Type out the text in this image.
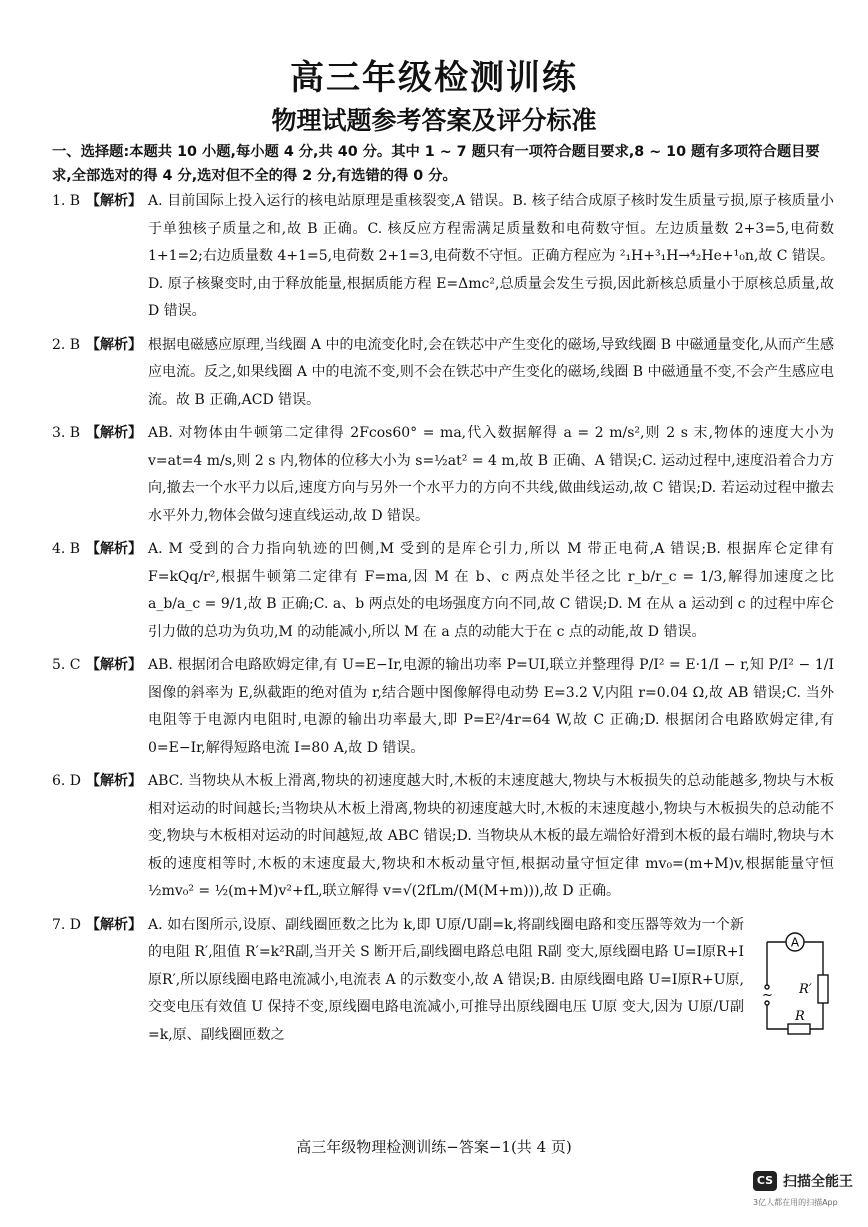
高三年级检测训练
物理试题参考答案及评分标准

一、选择题:本题共 10 小题,每小题 4 分,共 40 分。其中 1 ~ 7 题只有一项符合题目要求,8 ~ 10 题有多项符合题目要求,全部选对的得 4 分,选对但不全的得 2 分,有选错的得 0 分。

1. B 【解析】 A. 目前国际上投入运行的核电站原理是重核裂变,A 错误。B. 核子结合成原子核时发生质量亏损,原子核质量小于单独核子质量之和,故 B 正确。C. 核反应方程需满足质量数和电荷数守恒。左边质量数 2+3=5,电荷数 1+1=2;右边质量数 4+1=5,电荷数 2+1=3,电荷数不守恒。正确方程应为 ²₁H+³₁H→⁴₂He+¹₀n,故 C 错误。D. 原子核聚变时,由于释放能量,根据质能方程 E=Δmc²,总质量会发生亏损,因此新核总质量小于原核总质量,故 D 错误。
2. B 【解析】 根据电磁感应原理,当线圈 A 中的电流变化时,会在铁芯中产生变化的磁场,导致线圈 B 中磁通量变化,从而产生感应电流。反之,如果线圈 A 中的电流不变,则不会在铁芯中产生变化的磁场,线圈 B 中磁通量不变,不会产生感应电流。故 B 正确,ACD 错误。
3. B 【解析】 AB. 对物体由牛顿第二定律得 2Fcos60° = ma,代入数据解得 a = 2 m/s²,则 2 s 末,物体的速度大小为 v=at=4 m/s,则 2 s 内,物体的位移大小为 s=½at² = 4 m,故 B 正确、A 错误;C. 运动过程中,速度沿着合力方向,撤去一个水平力以后,速度方向与另外一个水平力的方向不共线,做曲线运动,故 C 错误;D. 若运动过程中撤去水平外力,物体会做匀速直线运动,故 D 错误。
4. B 【解析】 A. M 受到的合力指向轨迹的凹侧,M 受到的是库仑引力,所以 M 带正电荷,A 错误;B. 根据库仑定律有 F=kQq/r²,根据牛顿第二定律有 F=ma,因 M 在 b、c 两点处半径之比 r_b/r_c = 1/3,解得加速度之比 a_b/a_c = 9/1,故 B 正确;C. a、b 两点处的电场强度方向不同,故 C 错误;D. M 在从 a 运动到 c 的过程中库仑引力做的总功为负功,M 的动能减小,所以 M 在 a 点的动能大于在 c 点的动能,故 D 错误。
5. C 【解析】 AB. 根据闭合电路欧姆定律,有 U=E−Ir,电源的输出功率 P=UI,联立并整理得 P/I² = E·1/I − r,知 P/I² − 1/I 图像的斜率为 E,纵截距的绝对值为 r,结合题中图像解得电动势 E=3.2 V,内阻 r=0.04 Ω,故 AB 错误;C. 当外电阻等于电源内电阻时,电源的输出功率最大,即 P=E²/4r=64 W,故 C 正确;D. 根据闭合电路欧姆定律,有 0=E−Ir,解得短路电流 I=80 A,故 D 错误。
6. D 【解析】 ABC. 当物块从木板上滑离,物块的初速度越大时,木板的末速度越大,物块与木板损失的总动能越多,物块与木板相对运动的时间越长;当物块从木板上滑离,物块的初速度越大时,木板的末速度越小,物块与木板损失的总动能不变,物块与木板相对运动的时间越短,故 ABC 错误;D. 当物块从木板的最左端恰好滑到木板的最右端时,物块与木板的速度相等时,木板的末速度最大,物块和木板动量守恒,根据动量守恒定律 mv₀=(m+M)v,根据能量守恒 ½mv₀² = ½(m+M)v²+fL,联立解得 v=√(2fLm/(M(M+m))),故 D 正确。
7. D 【解析】 A. 如右图所示,设原、副线圈匝数之比为 k,即 U原/U副=k,将副线圈电路和变压器等效为一个新的电阻 R′,阻值 R′=k²R副,当开关 S 断开后,副线圈电路总电阻 R副 变大,原线圈电路 U=I原R+I原R′,所以原线圈电路电流减小,电流表 A 的示数变小,故 A 错误;B. 由原线圈电路 U=I原R+U原,交变电压有效值 U 保持不变,原线圈电路电流减小,可推导出原线圈电压 U原 变大,因为 U原/U副=k,原、副线圈匝数之
A
R′
R
~
高三年级物理检测训练−答案−1(共 4 页)
CS 扫描全能王
3亿人都在用的扫描App
